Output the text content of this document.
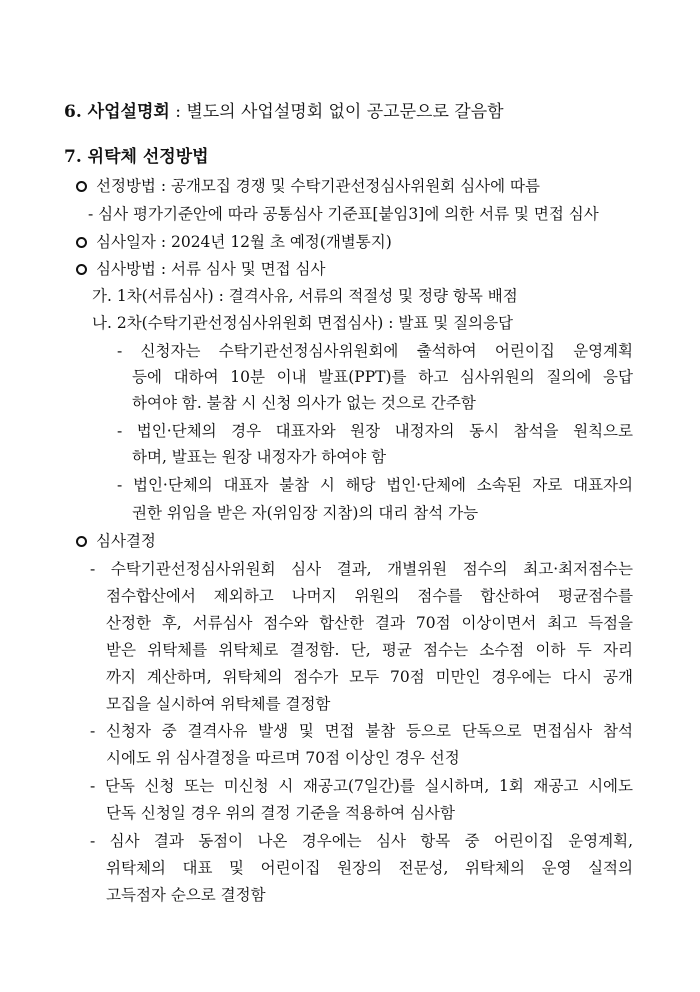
6. 사업설명회 : 별도의 사업설명회 없이 공고문으로 갈음함
7. 위탁체 선정방법
선정방법 : 공개모집 경쟁 및 수탁기관선정심사위원회 심사에 따름
- 심사 평가기준안에 따라 공통심사 기준표[붙임3]에 의한 서류 및 면접 심사
심사일자 : 2024년 12월 초 예정(개별통지)
심사방법 : 서류 심사 및 면접 심사
가. 1차(서류심사) : 결격사유, 서류의 적절성 및 정량 항목 배점
나. 2차(수탁기관선정심사위원회 면접심사) : 발표 및 질의응답
- 신청자는 수탁기관선정심사위원회에 출석하여 어린이집 운영계획
등에 대하여 10분 이내 발표(PPT)를 하고 심사위원의 질의에 응답
하여야 함. 불참 시 신청 의사가 없는 것으로 간주함
- 법인·단체의 경우 대표자와 원장 내정자의 동시 참석을 원칙으로
하며, 발표는 원장 내정자가 하여야 함
- 법인·단체의 대표자 불참 시 해당 법인·단체에 소속된 자로 대표자의
권한 위임을 받은 자(위임장 지참)의 대리 참석 가능
심사결정
- 수탁기관선정심사위원회 심사 결과, 개별위원 점수의 최고·최저점수는
점수합산에서 제외하고 나머지 위원의 점수를 합산하여 평균점수를
산정한 후, 서류심사 점수와 합산한 결과 70점 이상이면서 최고 득점을
받은 위탁체를 위탁체로 결정함. 단, 평균 점수는 소수점 이하 두 자리
까지 계산하며, 위탁체의 점수가 모두 70점 미만인 경우에는 다시 공개
모집을 실시하여 위탁체를 결정함
- 신청자 중 결격사유 발생 및 면접 불참 등으로 단독으로 면접심사 참석
시에도 위 심사결정을 따르며 70점 이상인 경우 선정
- 단독 신청 또는 미신청 시 재공고(7일간)를 실시하며, 1회 재공고 시에도
단독 신청일 경우 위의 결정 기준을 적용하여 심사함
- 심사 결과 동점이 나온 경우에는 심사 항목 중 어린이집 운영계획,
위탁체의 대표 및 어린이집 원장의 전문성, 위탁체의 운영 실적의
고득점자 순으로 결정함
